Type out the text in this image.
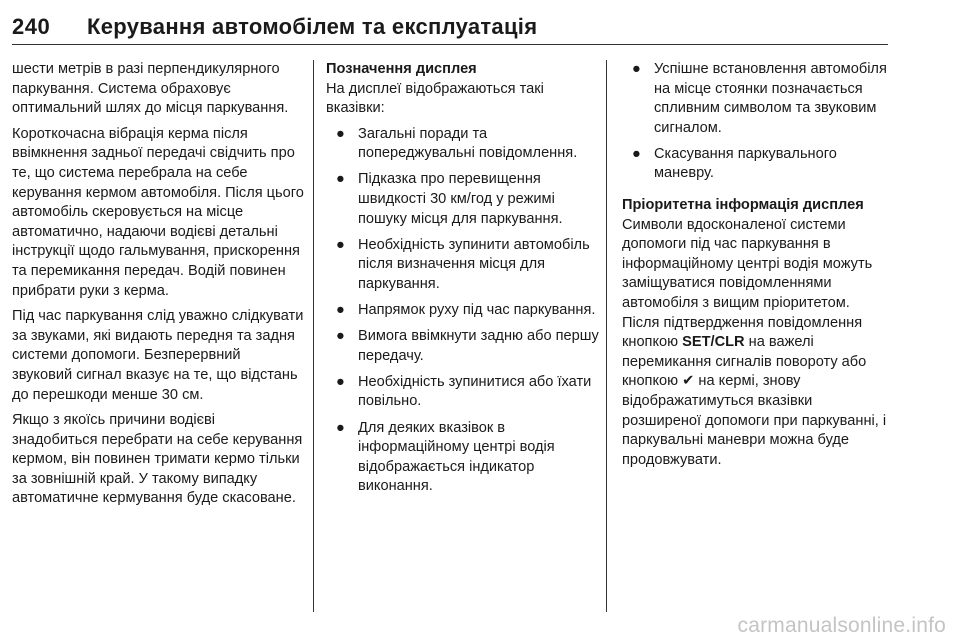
240	Керування автомобілем та експлуатація

шести метрів в разі перпендикулярного паркування. Система обраховує оптимальний шлях до місця паркування.

Короткочасна вібрація керма після ввімкнення задньої передачі свідчить про те, що система перебрала на себе керування кермом автомобіля. Після цього автомобіль скеровується на місце автоматично, надаючи водієві детальні інструкції щодо гальмування, прискорення та перемикання передач. Водій повинен прибрати руки з керма.

Під час паркування слід уважно слідкувати за звуками, які видають передня та задня системи допомоги. Безперервний звуковий сигнал вказує на те, що відстань до перешкоди менше 30 см.

Якщо з якоїсь причини водієві знадобиться перебрати на себе керування кермом, він повинен тримати кермо тільки за зовнішній край. У такому випадку автоматичне кермування буде скасоване.

Позначення дисплея

На дисплеї відображаються такі вказівки:

● Загальні поради та попереджувальні повідомлення.
● Підказка про перевищення швидкості 30 км/год у режимі пошуку місця для паркування.
● Необхідність зупинити автомобіль після визначення місця для паркування.
● Напрямок руху під час паркування.
● Вимога ввімкнути задню або першу передачу.
● Необхідність зупинитися або їхати повільно.
● Для деяких вказівок в інформаційному центрі водія відображається індикатор виконання.
● Успішне встановлення автомобіля на місце стоянки позначається спливним символом та звуковим сигналом.
● Скасування паркувального маневру.
Пріоритетна інформація дисплея

Символи вдосконаленої системи допомоги під час паркування в інформаційному центрі водія можуть заміщуватися повідомленнями автомобіля з вищим пріоритетом. Після підтвердження повідомлення кнопкою SET/CLR на важелі перемикання сигналів повороту або кнопкою ✔ на кермі, знову відображатимуться вказівки розширеної допомоги при паркуванні, і паркувальні маневри можна буде продовжувати.

carmanualsonline.info
